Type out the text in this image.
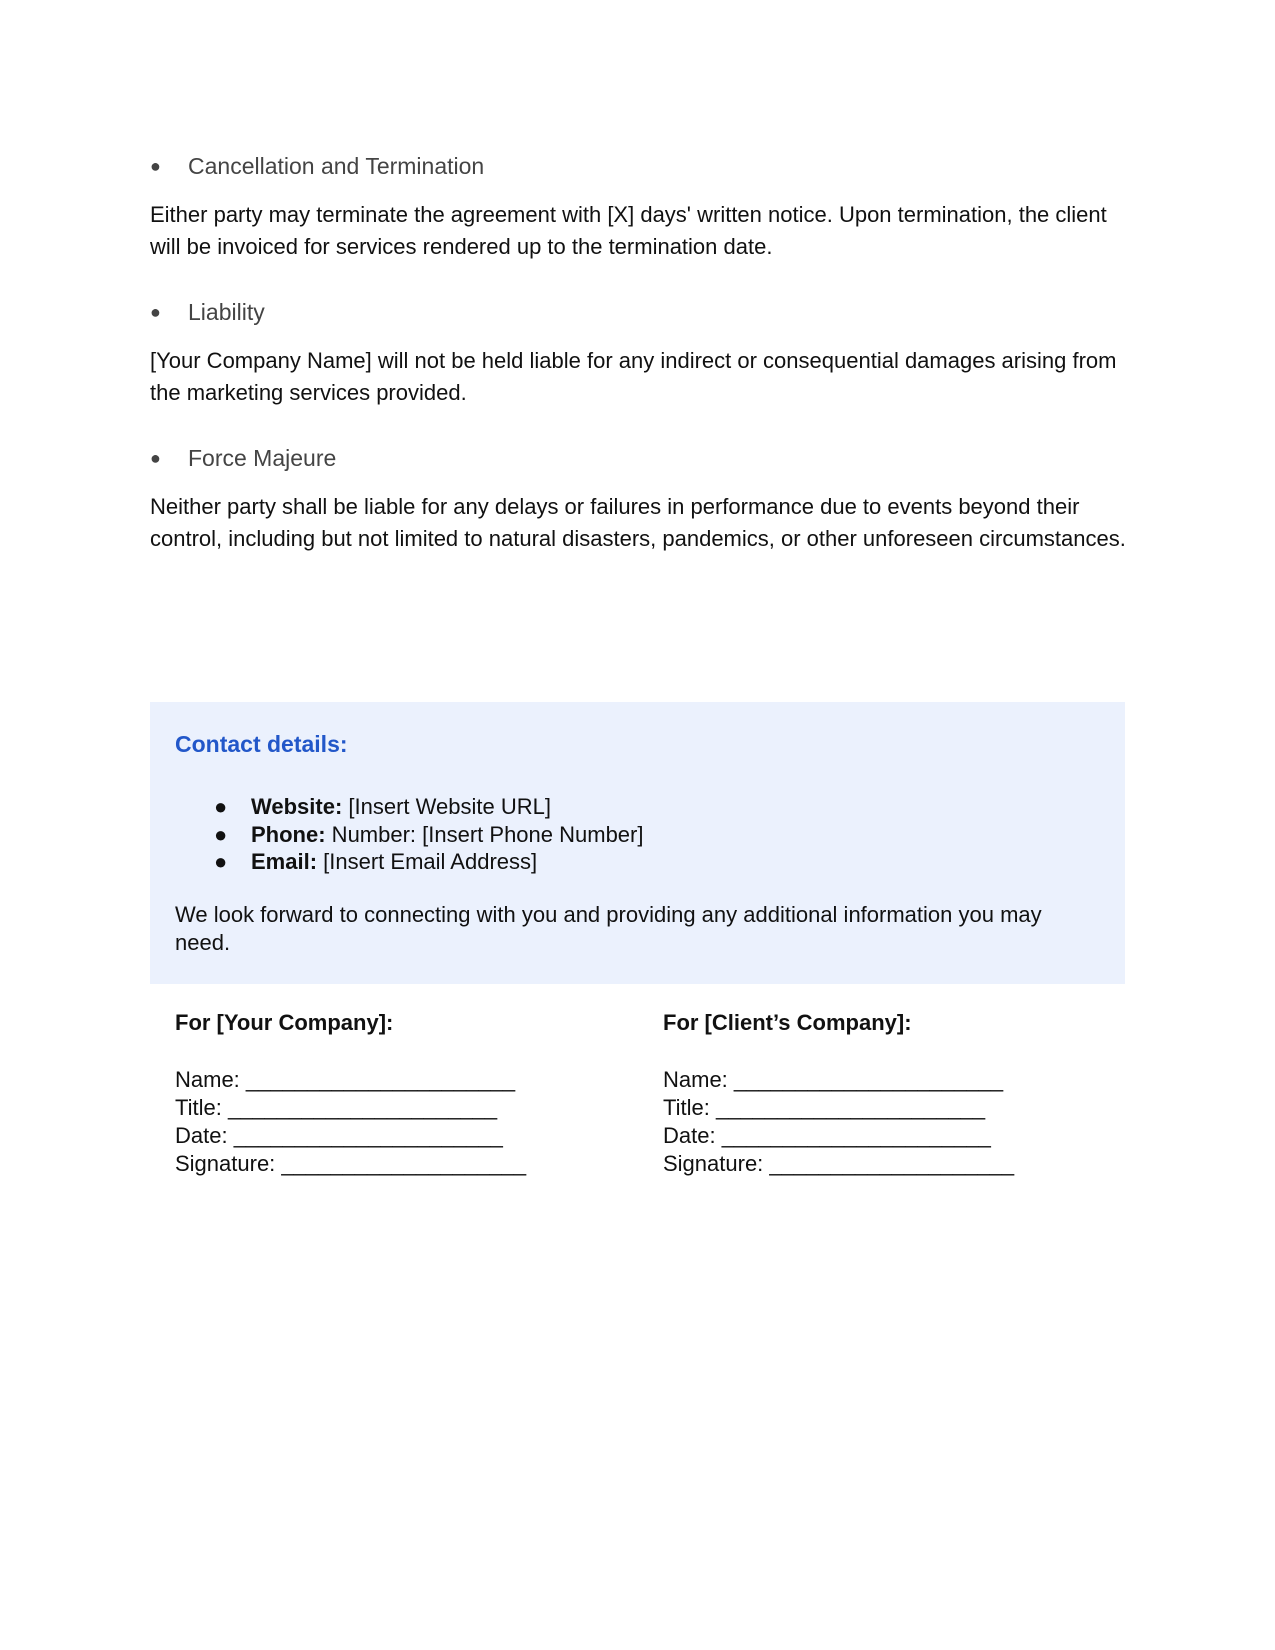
● Cancellation and Termination
Either party may terminate the agreement with [X] days' written notice. Upon termination, the client will be invoiced for services rendered up to the termination date.
● Liability
[Your Company Name] will not be held liable for any indirect or consequential damages arising from the marketing services provided.
● Force Majeure
Neither party shall be liable for any delays or failures in performance due to events beyond their control, including but not limited to natural disasters, pandemics, or other unforeseen circumstances.
Contact details:
● Website: [Insert Website URL]
● Phone: Number: [Insert Phone Number]
● Email: [Insert Email Address]
We look forward to connecting with you and providing any additional information you may need.
For [Your Company]:
Name: ______________________
Title: ______________________
Date: ______________________
Signature: ____________________
For [Client’s Company]:
Name: ______________________
Title: ______________________
Date: ______________________
Signature: ____________________
